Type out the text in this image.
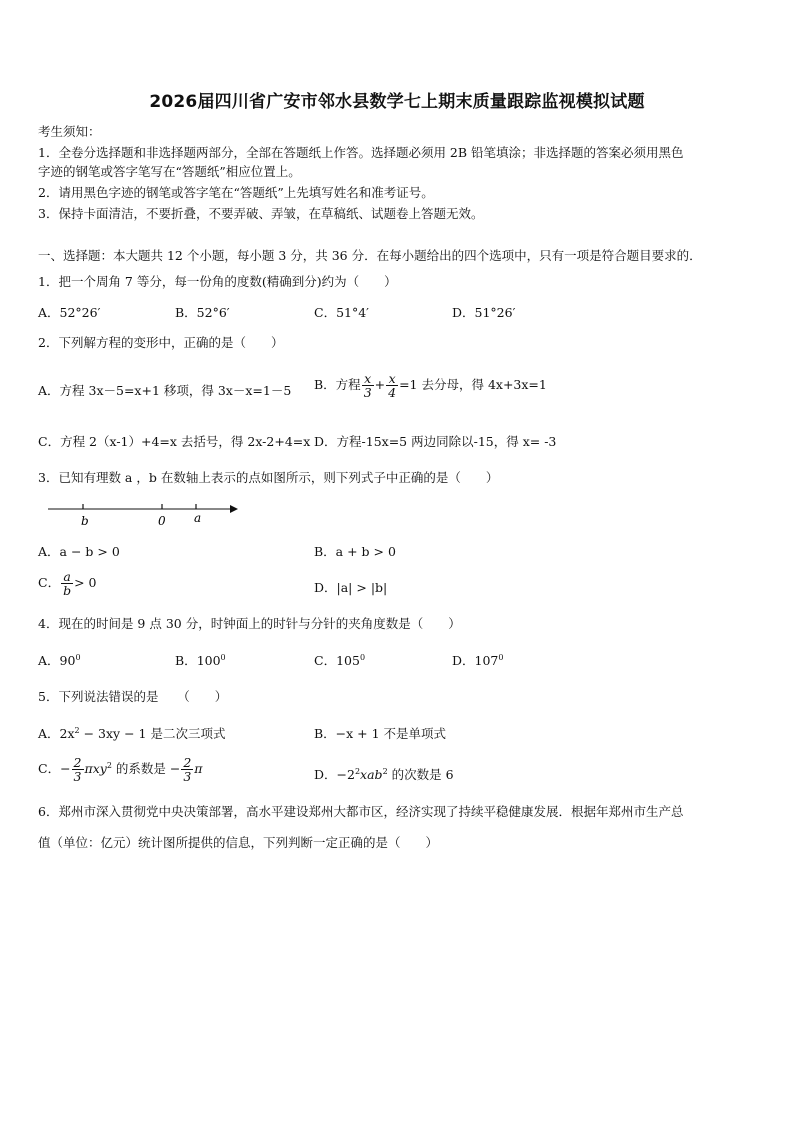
2026届四川省广安市邻水县数学七上期末质量跟踪监视模拟试题
考生须知：
1．全卷分选择题和非选择题两部分，全部在答题纸上作答。选择题必须用 2B 铅笔填涂；非选择题的答案必须用黑色
字迹的钢笔或答字笔写在“答题纸”相应位置上。
2．请用黑色字迹的钢笔或答字笔在“答题纸”上先填写姓名和准考证号。
3．保持卡面清洁，不要折叠，不要弄破、弄皱，在草稿纸、试题卷上答题无效。
一、选择题：本大题共 12 个小题，每小题 3 分，共 36 分．在每小题给出的四个选项中，只有一项是符合题目要求的．
1．把一个周角 7 等分，每一份角的度数(精确到分)约为（　　）
A．52°26′	B．52°6′	C．51°4′	D．51°26′
2．下列解方程的变形中，正确的是（　　）
A．方程 3x－5=x+1 移项，得 3x－x=1－5 B．方程 $\frac{x}{3} + \frac{x}{4} =1$ 去分母，得 4x+3x=1
C．方程 2（x-1）+4=x 去括号，得 2x-2+4=x D．方程-15x=5 两边同除以-15，得 x= -3
3．已知有理数 a ，b 在数轴上表示的点如图所示，则下列式子中正确的是（　　）
b	0 a
A．a − b > 0	B．a + b > 0
C． $\frac{a}{b} > 0$	D．|a| > |b|
4．现在的时间是 9 点 30 分，时钟面上的时针与分针的夹角度数是（　　）
A．$90^0$	B．$100^0$	C．$105^0$	D．$107^0$
5．下列说法错误的是　　（　　）
A．$2x^2 - 3xy - 1$ 是二次三项式	B．−x + 1 不是单项式
C．− $\frac{2}{3} \pi xy^2$ 的系数是 − $\frac{2}{3}$ π	D．$-2^2xab^2$ 的次数是 6
6．郑州市深入贯彻党中央决策部署，高水平建设郑州大都市区，经济实现了持续平稳健康发展．根据年郑州市生产总
值（单位：亿元）统计图所提供的信息，下列判断一定正确的是（　　）
